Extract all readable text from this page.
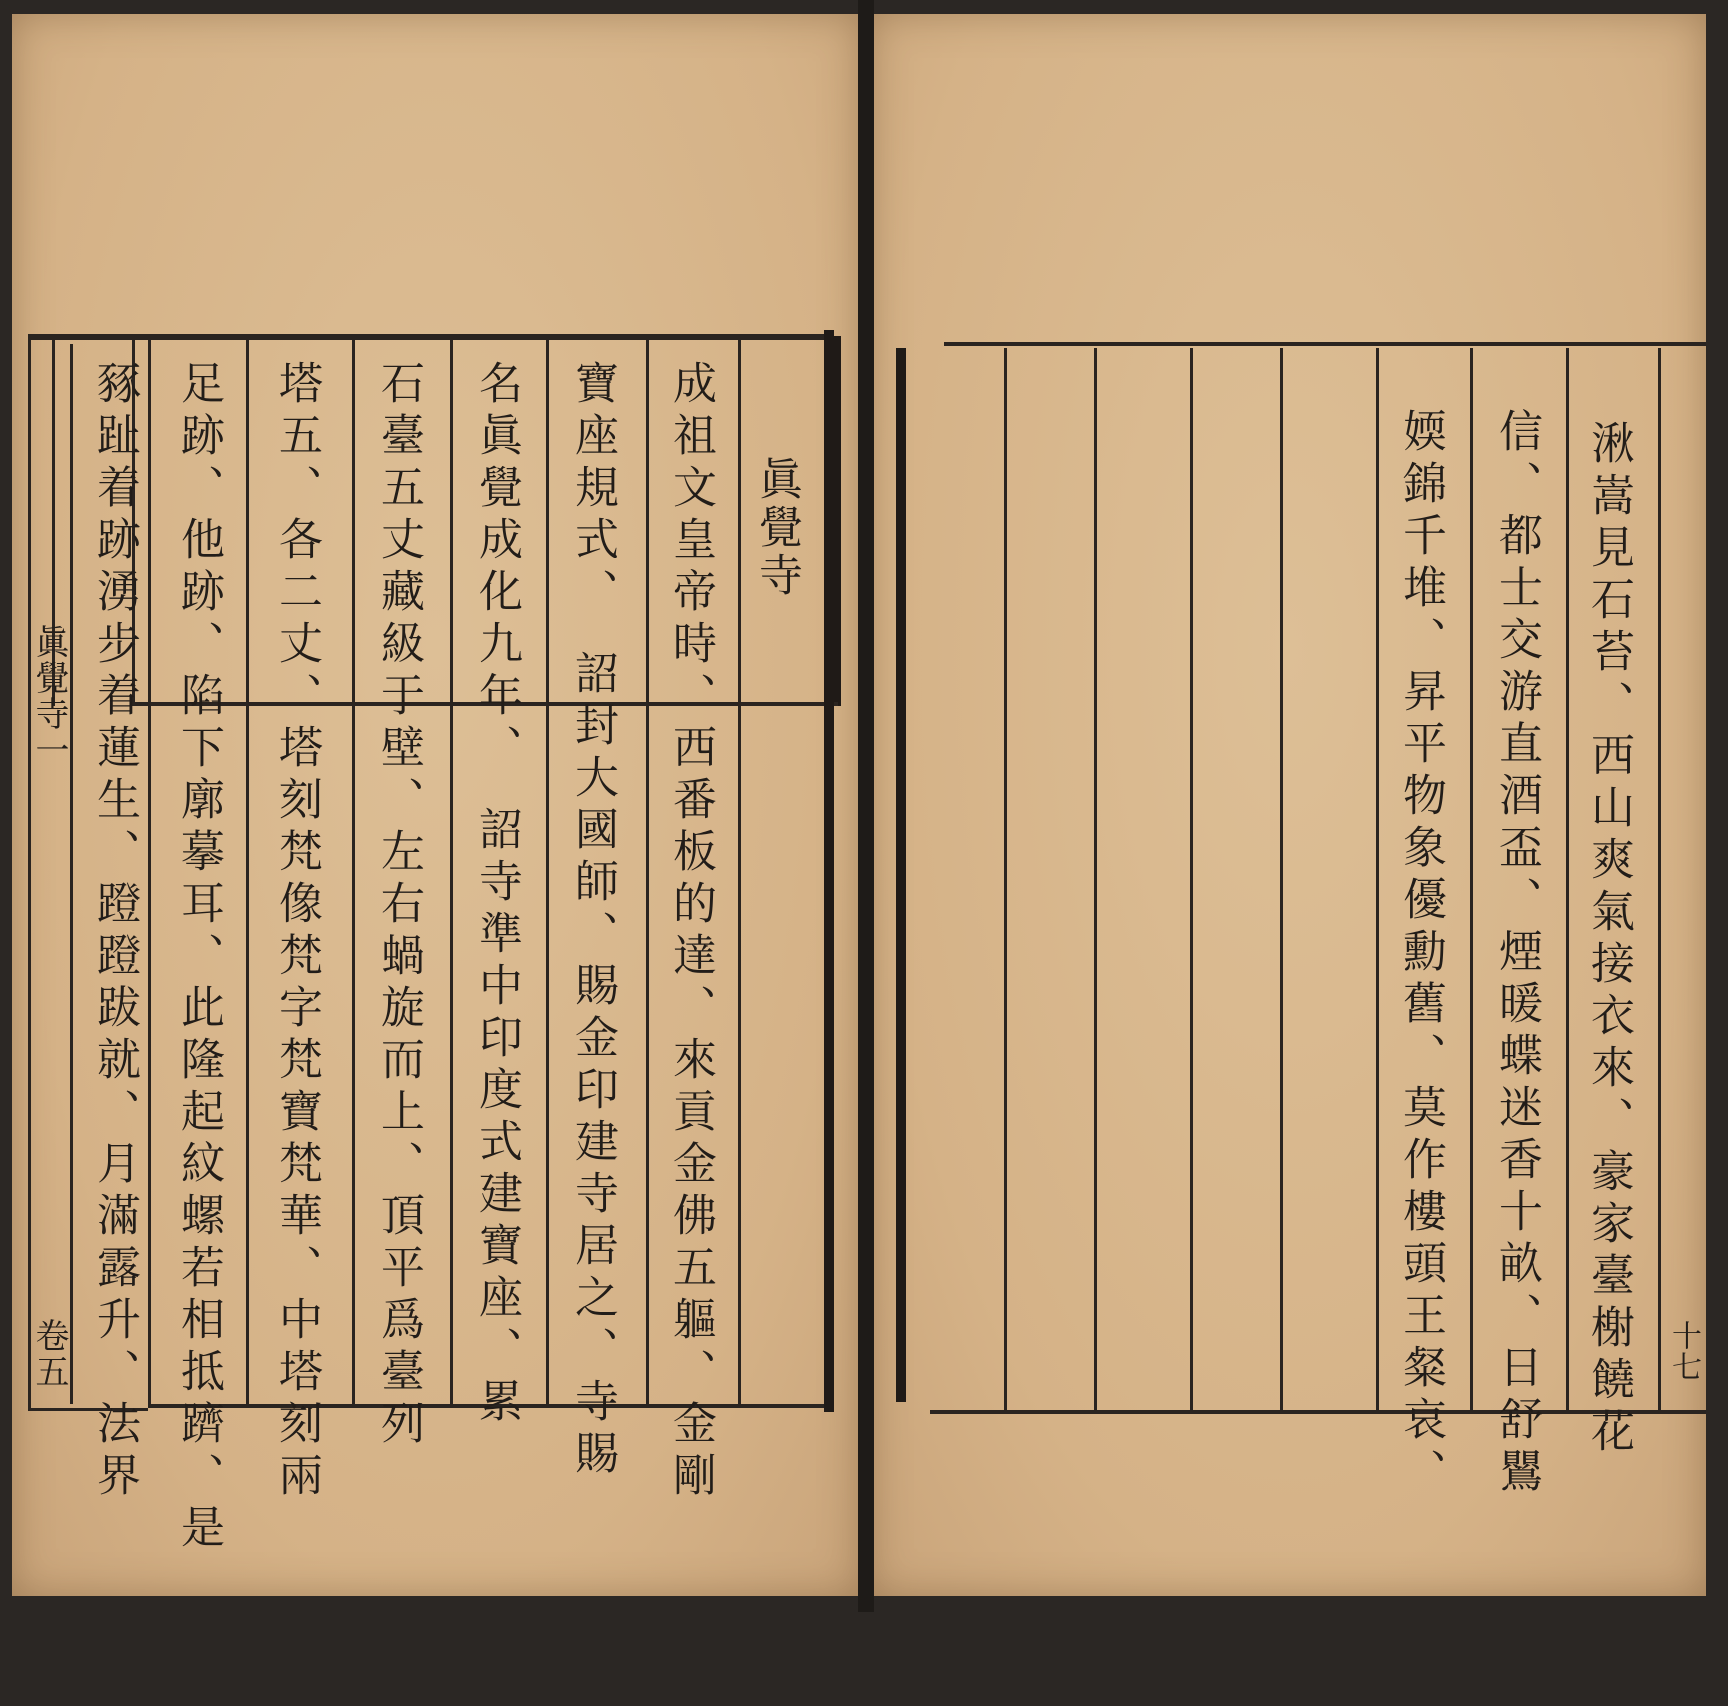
眞覺寺
成祖文皇帝時、西番板的達、來貢金佛五軀、金剛
寶座規式、　詔封大國師、賜金印建寺居之、寺賜
名眞覺成化九年、　詔寺準中印度式建寶座、累
石臺五丈藏級于壁、左右蝸旋而上、頂平爲臺列
塔五、各二丈、塔刻梵像梵字梵寶梵華、中塔刻兩
足跡、他跡、陷下廓摹耳、此隆起紋螺若相抵躋、是
豩趾着跡湧步着蓮生、蹬蹬跋就、月滿露升、法界
眞覺寺一
卷五	湫嵩見石苔、西山爽氣接衣來、豪家臺榭饒花
信、都士交游直酒盃、煙暖蝶迷香十畝、日舒鸎
媆錦千堆、昇平物象優勳舊、莫作樓頭王粲哀、	十七
